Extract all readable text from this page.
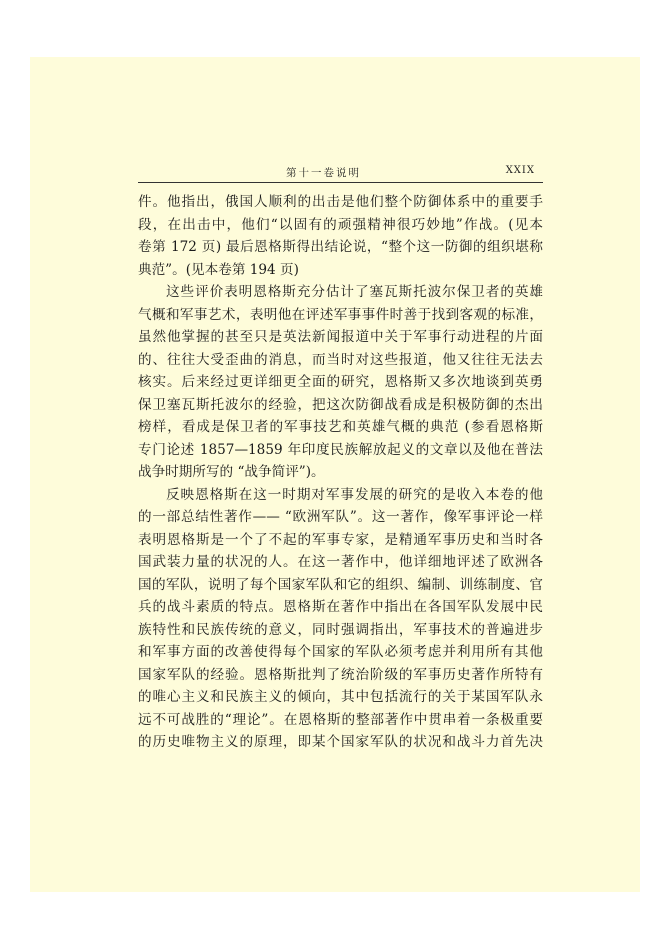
第十一卷说明	XXIX
件。他指出，俄国人顺利的出击是他们整个防御体系中的重要手
段，在出击中，他们“以固有的顽强精神很巧妙地”作战。(见本
卷第 172 页) 最后恩格斯得出结论说，“整个这一防御的组织堪称
典范”。(见本卷第 194 页)
这些评价表明恩格斯充分估计了塞瓦斯托波尔保卫者的英雄
气概和军事艺术，表明他在评述军事事件时善于找到客观的标准，
虽然他掌握的甚至只是英法新闻报道中关于军事行动进程的片面
的、往往大受歪曲的消息，而当时对这些报道，他又往往无法去
核实。后来经过更详细更全面的研究，恩格斯又多次地谈到英勇
保卫塞瓦斯托波尔的经验，把这次防御战看成是积极防御的杰出
榜样，看成是保卫者的军事技艺和英雄气概的典范 (参看恩格斯
专门论述 1857—1859 年印度民族解放起义的文章以及他在普法
战争时期所写的 “战争简评”)。
反映恩格斯在这一时期对军事发展的研究的是收入本卷的他
的一部总结性著作—— “欧洲军队”。这一著作，像军事评论一样
表明恩格斯是一个了不起的军事专家，是精通军事历史和当时各
国武装力量的状况的人。在这一著作中，他详细地评述了欧洲各
国的军队，说明了每个国家军队和它的组织、编制、训练制度、官
兵的战斗素质的特点。恩格斯在著作中指出在各国军队发展中民
族特性和民族传统的意义，同时强调指出，军事技术的普遍进步
和军事方面的改善使得每个国家的军队必须考虑并利用所有其他
国家军队的经验。恩格斯批判了统治阶级的军事历史著作所特有
的唯心主义和民族主义的倾向，其中包括流行的关于某国军队永
远不可战胜的“理论”。在恩格斯的整部著作中贯串着一条极重要
的历史唯物主义的原理，即某个国家军队的状况和战斗力首先决
